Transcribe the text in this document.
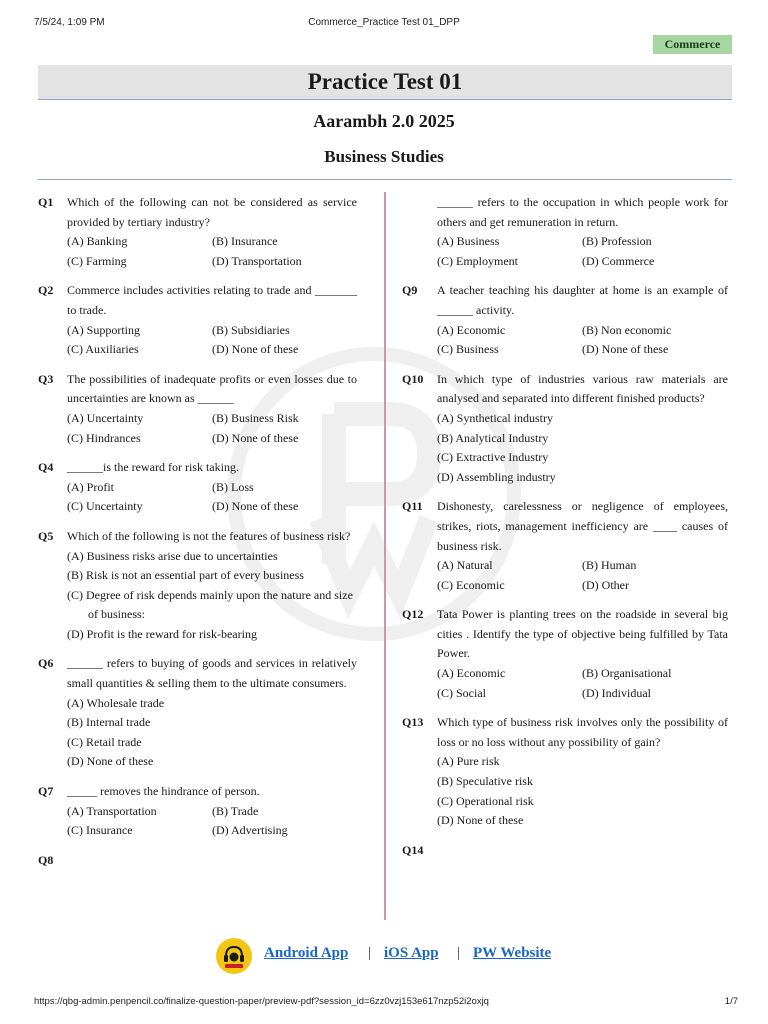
7/5/24, 1:09 PM	Commerce_Practice Test 01_DPP
Commerce
Practice Test 01
Aarambh 2.0 2025
Business Studies
Q1 Which of the following can not be considered as service provided by tertiary industry?
(A) Banking	(B) Insurance
(C) Farming	(D) Transportation
Q2 Commerce includes activities relating to trade and _______ to trade.
(A) Supporting	(B) Subsidiaries
(C) Auxiliaries	(D) None of these
Q3 The possibilities of inadequate profits or even losses due to uncertainties are known as ______
(A) Uncertainty	(B) Business Risk
(C) Hindrances	(D) None of these
Q4 ______is the reward for risk taking.
(A) Profit	(B) Loss
(C) Uncertainty	(D) None of these
Q5 Which of the following is not the features of business risk?
(A) Business risks arise due to uncertainties
(B) Risk is not an essential part of every business
(C) Degree of risk depends mainly upon the nature and size of business:
(D) Profit is the reward for risk-bearing
Q6 ______ refers to buying of goods and services in relatively small quantities & selling them to the ultimate consumers.
(A) Wholesale trade
(B) Internal trade
(C) Retail trade
(D) None of these
Q7 _____ removes the hindrance of person.
(A) Transportation	(B) Trade
(C) Insurance	(D) Advertising
Q8
______ refers to the occupation in which people work for others and get remuneration in return.
(A) Business	(B) Profession
(C) Employment	(D) Commerce
Q9 A teacher teaching his daughter at home is an example of ______ activity.
(A) Economic	(B) Non economic
(C) Business	(D) None of these
Q10 In which type of industries various raw materials are analysed and separated into different finished products?
(A) Synthetical industry
(B) Analytical Industry
(C) Extractive Industry
(D) Assembling industry
Q11 Dishonesty, carelessness or negligence of employees, strikes, riots, management inefficiency are ____ causes of business risk.
(A) Natural	(B) Human
(C) Economic	(D) Other
Q12 Tata Power is planting trees on the roadside in several big cities . Identify the type of objective being fulfilled by Tata Power.
(A) Economic	(B) Organisational
(C) Social	(D) Individual
Q13 Which type of business risk involves only the possibility of loss or no loss without any possibility of gain?
(A) Pure risk
(B) Speculative risk
(C) Operational risk
(D) None of these
Q14
Android App | iOS App | PW Website
https://qbg-admin.penpencil.co/finalize-question-paper/preview-pdf?session_id=6zz0vzj153e617nzp52i2oxjq	1/7
